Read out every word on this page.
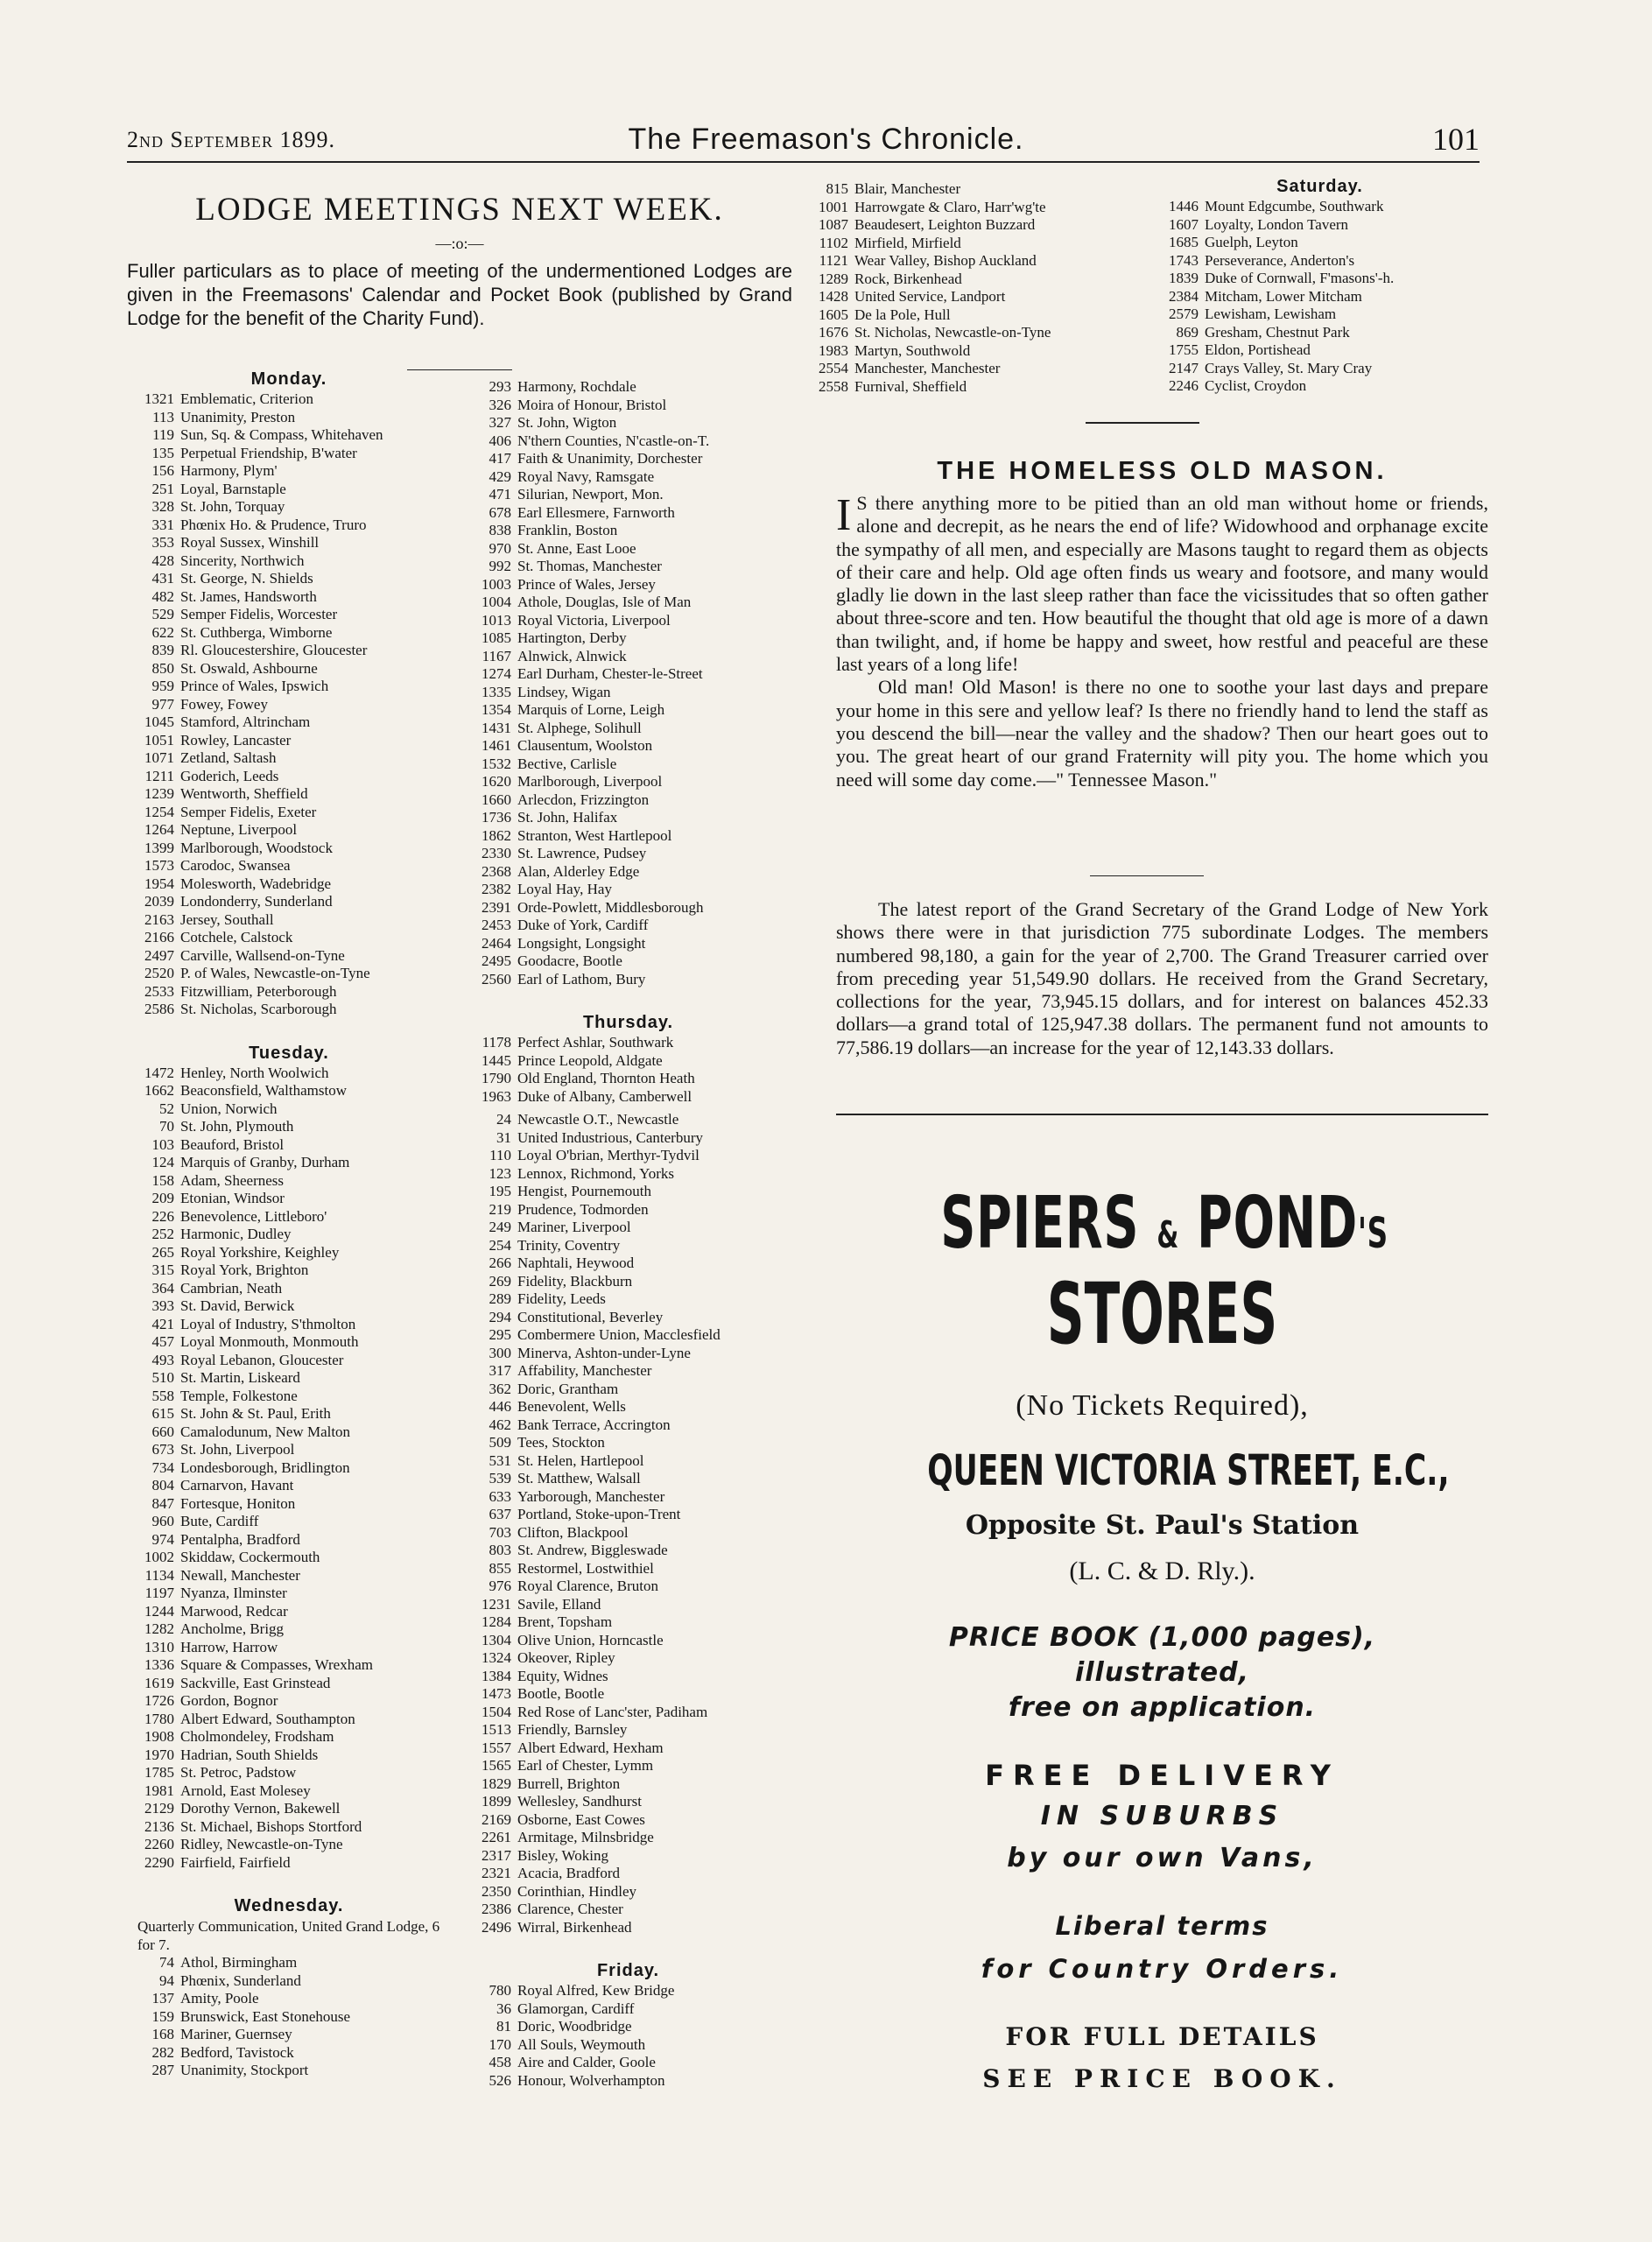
2nd September 1899.	The Freemason's Chronicle.	101
LODGE MEETINGS NEXT WEEK.
—:o:—
Fuller particulars as to place of meeting of the undermentioned Lodges are given in the Freemasons' Calendar and Pocket Book (published by Grand Lodge for the benefit of the Charity Fund).
Monday.
1321 Emblematic, Criterion
113 Unanimity, Preston
119 Sun, Sq. & Compass, Whitehaven
135 Perpetual Friendship, B'water
156 Harmony, Plym'
251 Loyal, Barnstaple
328 St. John, Torquay
331 Phœnix Ho. & Prudence, Truro
353 Royal Sussex, Winshill
428 Sincerity, Northwich
431 St. George, N. Shields
482 St. James, Handsworth
529 Semper Fidelis, Worcester
622 St. Cuthberga, Wimborne
839 Rl. Gloucestershire, Gloucester
850 St. Oswald, Ashbourne
959 Prince of Wales, Ipswich
977 Fowey, Fowey
1045 Stamford, Altrincham
1051 Rowley, Lancaster
1071 Zetland, Saltash
1211 Goderich, Leeds
1239 Wentworth, Sheffield
1254 Semper Fidelis, Exeter
1264 Neptune, Liverpool
1399 Marlborough, Woodstock
1573 Carodoc, Swansea
1954 Molesworth, Wadebridge
2039 Londonderry, Sunderland
2163 Jersey, Southall
2166 Cotchele, Calstock
2497 Carville, Wallsend-on-Tyne
2520 P. of Wales, Newcastle-on-Tyne
2533 Fitzwilliam, Peterborough
2586 St. Nicholas, Scarborough
Tuesday.
1472 Henley, North Woolwich
1662 Beaconsfield, Walthamstow
52 Union, Norwich
70 St. John, Plymouth
103 Beauford, Bristol
124 Marquis of Granby, Durham
158 Adam, Sheerness
209 Etonian, Windsor
226 Benevolence, Littleboro'
252 Harmonic, Dudley
265 Royal Yorkshire, Keighley
315 Royal York, Brighton
364 Cambrian, Neath
393 St. David, Berwick
421 Loyal of Industry, S'thmolton
457 Loyal Monmouth, Monmouth
493 Royal Lebanon, Gloucester
510 St. Martin, Liskeard
558 Temple, Folkestone
615 St. John & St. Paul, Erith
660 Camalodunum, New Malton
673 St. John, Liverpool
734 Londesborough, Bridlington
804 Carnarvon, Havant
847 Fortesque, Honiton
960 Bute, Cardiff
974 Pentalpha, Bradford
1002 Skiddaw, Cockermouth
1134 Newall, Manchester
1197 Nyanza, Ilminster
1244 Marwood, Redcar
1282 Ancholme, Brigg
1310 Harrow, Harrow
1336 Square & Compasses, Wrexham
1619 Sackville, East Grinstead
1726 Gordon, Bognor
1780 Albert Edward, Southampton
1908 Cholmondeley, Frodsham
1970 Hadrian, South Shields
1785 St. Petroc, Padstow
1981 Arnold, East Molesey
2129 Dorothy Vernon, Bakewell
2136 St. Michael, Bishops Stortford
2260 Ridley, Newcastle-on-Tyne
2290 Fairfield, Fairfield
Wednesday.
Quarterly Communication, United Grand Lodge, 6 for 7.
74 Athol, Birmingham
94 Phœnix, Sunderland
137 Amity, Poole
159 Brunswick, East Stonehouse
168 Mariner, Guernsey
282 Bedford, Tavistock
287 Unanimity, Stockport
293 Harmony, Rochdale
326 Moira of Honour, Bristol
327 St. John, Wigton
406 N'thern Counties, N'castle-on-T.
417 Faith & Unanimity, Dorchester
429 Royal Navy, Ramsgate
471 Silurian, Newport, Mon.
678 Earl Ellesmere, Farnworth
838 Franklin, Boston
970 St. Anne, East Looe
992 St. Thomas, Manchester
1003 Prince of Wales, Jersey
1004 Athole, Douglas, Isle of Man
1013 Royal Victoria, Liverpool
1085 Hartington, Derby
1167 Alnwick, Alnwick
1274 Earl Durham, Chester-le-Street
1335 Lindsey, Wigan
1354 Marquis of Lorne, Leigh
1431 St. Alphege, Solihull
1461 Clausentum, Woolston
1532 Bective, Carlisle
1620 Marlborough, Liverpool
1660 Arlecdon, Frizzington
1736 St. John, Halifax
1862 Stranton, West Hartlepool
2330 St. Lawrence, Pudsey
2368 Alan, Alderley Edge
2382 Loyal Hay, Hay
2391 Orde-Powlett, Middlesborough
2453 Duke of York, Cardiff
2464 Longsight, Longsight
2495 Goodacre, Bootle
2560 Earl of Lathom, Bury
Thursday.
1178 Perfect Ashlar, Southwark
1445 Prince Leopold, Aldgate
1790 Old England, Thornton Heath
1963 Duke of Albany, Camberwell
24 Newcastle O.T., Newcastle
31 United Industrious, Canterbury
110 Loyal O'brian, Merthyr-Tydvil
123 Lennox, Richmond, Yorks
195 Hengist, Pournemouth
219 Prudence, Todmorden
249 Mariner, Liverpool
254 Trinity, Coventry
266 Naphtali, Heywood
269 Fidelity, Blackburn
289 Fidelity, Leeds
294 Constitutional, Beverley
295 Combermere Union, Macclesfield
300 Minerva, Ashton-under-Lyne
317 Affability, Manchester
362 Doric, Grantham
446 Benevolent, Wells
462 Bank Terrace, Accrington
509 Tees, Stockton
531 St. Helen, Hartlepool
539 St. Matthew, Walsall
633 Yarborough, Manchester
637 Portland, Stoke-upon-Trent
703 Clifton, Blackpool
803 St. Andrew, Biggleswade
855 Restormel, Lostwithiel
976 Royal Clarence, Bruton
1231 Savile, Elland
1284 Brent, Topsham
1304 Olive Union, Horncastle
1324 Okeover, Ripley
1384 Equity, Widnes
1473 Bootle, Bootle
1504 Red Rose of Lanc'ster, Padiham
1513 Friendly, Barnsley
1557 Albert Edward, Hexham
1565 Earl of Chester, Lymm
1829 Burrell, Brighton
1899 Wellesley, Sandhurst
2169 Osborne, East Cowes
2261 Armitage, Milnsbridge
2317 Bisley, Woking
2321 Acacia, Bradford
2350 Corinthian, Hindley
2386 Clarence, Chester
2496 Wirral, Birkenhead
Friday.
780 Royal Alfred, Kew Bridge
36 Glamorgan, Cardiff
81 Doric, Woodbridge
170 All Souls, Weymouth
458 Aire and Calder, Goole
526 Honour, Wolverhampton
815 Blair, Manchester
1001 Harrowgate & Claro, Harr'wg'te
1087 Beaudesert, Leighton Buzzard
1102 Mirfield, Mirfield
1121 Wear Valley, Bishop Auckland
1289 Rock, Birkenhead
1428 United Service, Landport
1605 De la Pole, Hull
1676 St. Nicholas, Newcastle-on-Tyne
1983 Martyn, Southwold
2554 Manchester, Manchester
2558 Furnival, Sheffield
Saturday.
1446 Mount Edgcumbe, Southwark
1607 Loyalty, London Tavern
1685 Guelph, Leyton
1743 Perseverance, Anderton's
1839 Duke of Cornwall, F'masons'-h.
2384 Mitcham, Lower Mitcham
2579 Lewisham, Lewisham
869 Gresham, Chestnut Park
1755 Eldon, Portishead
2147 Crays Valley, St. Mary Cray
2246 Cyclist, Croydon
THE HOMELESS OLD MASON.

I S there anything more to be pitied than an old man without home or friends, alone and decrepit, as he nears the end of life? Widowhood and orphanage excite the sympathy of all men, and especially are Masons taught to regard them as objects of their care and help. Old age often finds us weary and footsore, and many would gladly lie down in the last sleep rather than face the vicissitudes that so often gather about three-score and ten. How beautiful the thought that old age is more of a dawn than twilight, and, if home be happy and sweet, how restful and peaceful are these last years of a long life!

Old man! Old Mason! is there no one to soothe your last days and prepare your home in this sere and yellow leaf? Is there no friendly hand to lend the staff as you descend the bill—near the valley and the shadow? Then our heart goes out to you. The great heart of our grand Fraternity will pity you. The home which you need will some day come.—" Tennessee Mason."

The latest report of the Grand Secretary of the Grand Lodge of New York shows there were in that jurisdiction 775 subordinate Lodges. The members numbered 98,180, a gain for the year of 2,700. The Grand Treasurer carried over from preceding year 51,549.90 dollars. He received from the Grand Secretary, collections for the year, 73,945.15 dollars, and for interest on balances 452.33 dollars—a grand total of 125,947.38 dollars. The permanent fund not amounts to 77,586.19 dollars—an increase for the year of 12,143.33 dollars.
SPIERS & POND'S
STORES
(No Tickets Required),
QUEEN VICTORIA STREET, E.C.,
Opposite St. Paul's Station
(L. C. & D. Rly.).
PRICE BOOK (1,000 pages),
illustrated,
free on application.
FREE DELIVERY
IN SUBURBS
by our own Vans,
Liberal terms
for Country Orders.
FOR FULL DETAILS
SEE PRICE BOOK.
